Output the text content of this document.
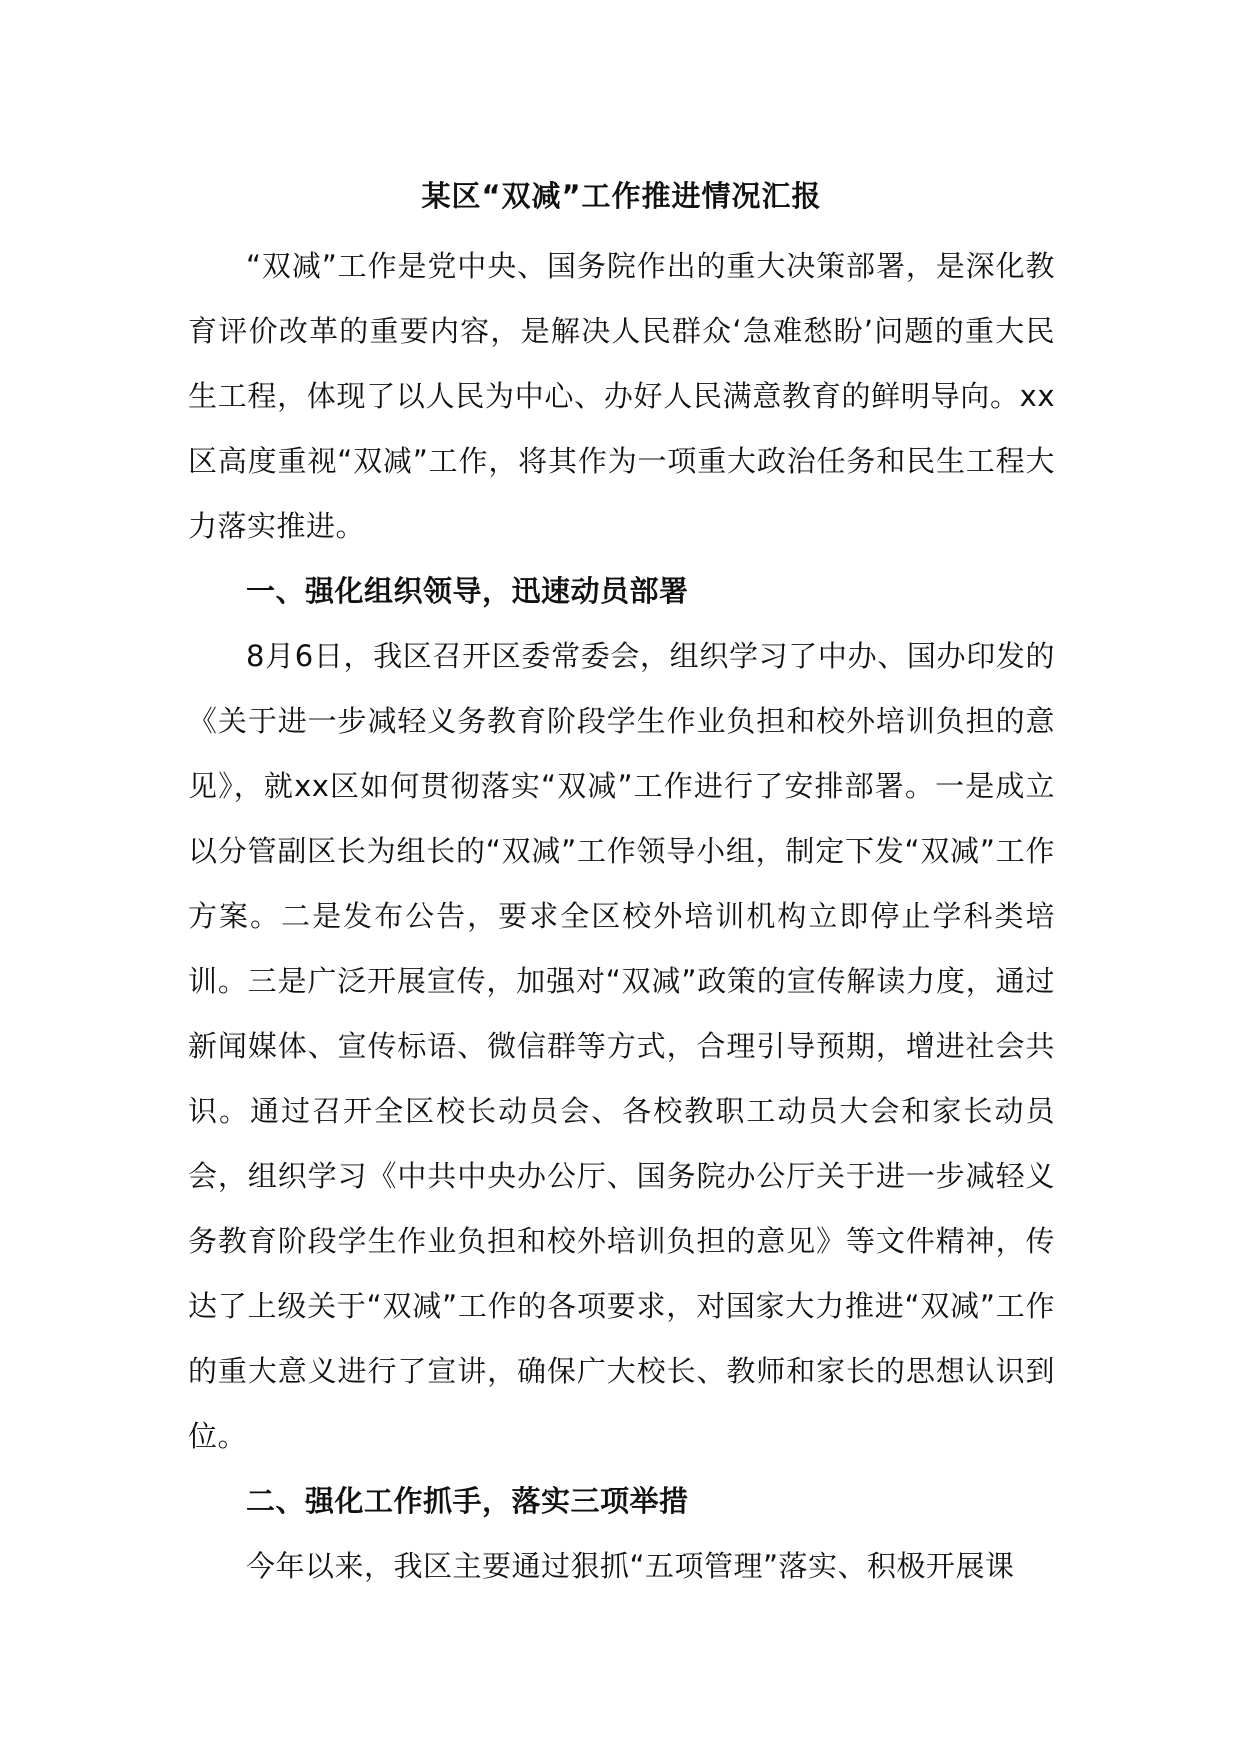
某区“双减”工作推进情况汇报

“双减”工作是党中央、国务院作出的重大决策部署，是深化教育评价改革的重要内容，是解决人民群众‘急难愁盼’问题的重大民生工程，体现了以人民为中心、办好人民满意教育的鲜明导向。xx区高度重视“双减”工作，将其作为一项重大政治任务和民生工程大力落实推进。

一、强化组织领导，迅速动员部署

8月6日，我区召开区委常委会，组织学习了中办、国办印发的《关于进一步减轻义务教育阶段学生作业负担和校外培训负担的意见》，就xx区如何贯彻落实“双减”工作进行了安排部署。一是成立以分管副区长为组长的“双减”工作领导小组，制定下发“双减”工作方案。二是发布公告，要求全区校外培训机构立即停止学科类培训。三是广泛开展宣传，加强对“双减”政策的宣传解读力度，通过新闻媒体、宣传标语、微信群等方式，合理引导预期，增进社会共识。通过召开全区校长动员会、各校教职工动员大会和家长动员会，组织学习《中共中央办公厅、国务院办公厅关于进一步减轻义务教育阶段学生作业负担和校外培训负担的意见》等文件精神，传达了上级关于“双减”工作的各项要求，对国家大力推进“双减”工作的重大意义进行了宣讲，确保广大校长、教师和家长的思想认识到位。

二、强化工作抓手，落实三项举措

今年以来，我区主要通过狠抓“五项管理”落实、积极开展课
